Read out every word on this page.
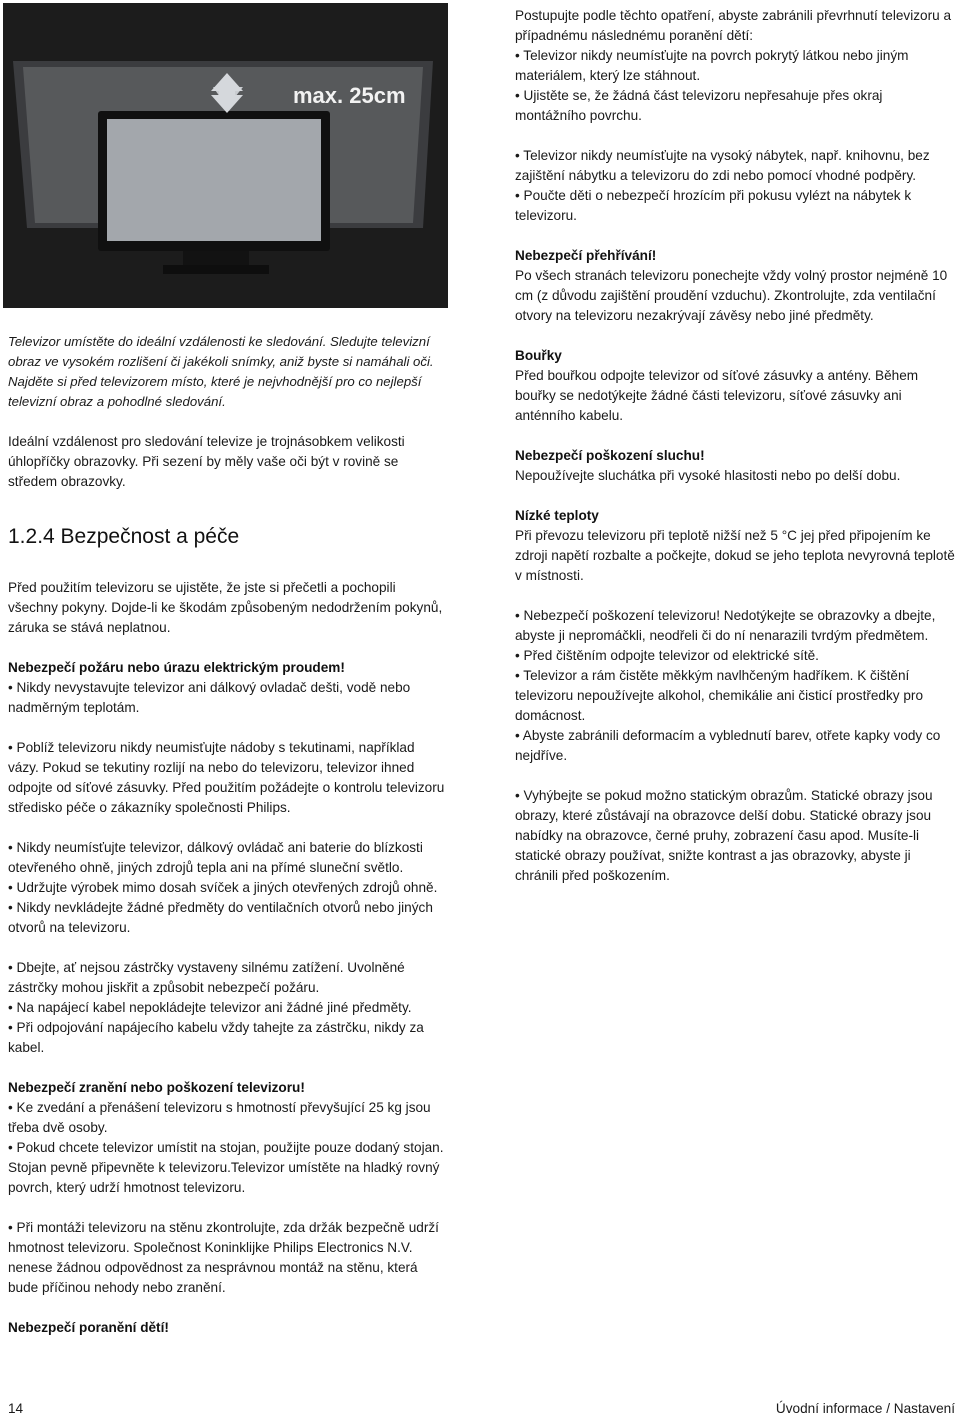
max. 25cm

Televizor umístěte do ideální vzdálenosti ke sledování. Sledujte televizní obraz ve vysokém rozlišení či jakékoli snímky, aniž byste si namáhali oči. Najděte si před televizorem místo, které je nejvhodnější pro co nejlepší televizní obraz a pohodlné sledování.

Ideální vzdálenost pro sledování televize je trojnásobkem velikosti úhlopříčky obrazovky. Při sezení by měly vaše oči být v rovině se středem obrazovky.

1.2.4 Bezpečnost a péče

Před použitím televizoru se ujistěte, že jste si přečetli a pochopili všechny pokyny. Dojde-li ke škodám způsobeným nedodržením pokynů, záruka se stává neplatnou.

Nebezpečí požáru nebo úrazu elektrickým proudem!

• Nikdy nevystavujte televizor ani dálkový ovladač dešti, vodě nebo nadměrným teplotám.

• Poblíž televizoru nikdy neumisťujte nádoby s tekutinami, například vázy. Pokud se tekutiny rozlijí na nebo do televizoru, televizor ihned odpojte od síťové zásuvky. Před použitím požádejte o kontrolu televizoru středisko péče o zákazníky společnosti Philips.

• Nikdy neumísťujte televizor, dálkový ovládač ani baterie do blízkosti otevřeného ohně, jiných zdrojů tepla ani na přímé sluneční světlo.

• Udržujte výrobek mimo dosah svíček a jiných otevřených zdrojů ohně.

• Nikdy nevkládejte žádné předměty do ventilačních otvorů nebo jiných otvorů na televizoru.

• Dbejte, ať nejsou zástrčky vystaveny silnému zatížení. Uvolněné zástrčky mohou jiskřit a způsobit nebezpečí požáru.

• Na napájecí kabel nepokládejte televizor ani žádné jiné předměty.

• Při odpojování napájecího kabelu vždy tahejte za zástrčku, nikdy za kabel.

Nebezpečí zranění nebo poškození televizoru!

• Ke zvedání a přenášení televizoru s hmotností převyšující 25 kg jsou třeba dvě osoby.

• Pokud chcete televizor umístit na stojan, použijte pouze dodaný stojan. Stojan pevně připevněte k televizoru.Televizor umístěte na hladký rovný povrch, který udrží hmotnost televizoru.

• Při montáži televizoru na stěnu zkontrolujte, zda držák bezpečně udrží hmotnost televizoru. Společnost Koninklijke Philips Electronics N.V. nenese žádnou odpovědnost za nesprávnou montáž na stěnu, která bude příčinou nehody nebo zranění.

Nebezpečí poranění dětí!

Postupujte podle těchto opatření, abyste zabránili převrhnutí televizoru a případnému následnému poranění dětí:

• Televizor nikdy neumísťujte na povrch pokrytý látkou nebo jiným materiálem, který lze stáhnout.

• Ujistěte se, že žádná část televizoru nepřesahuje přes okraj montážního povrchu.

• Televizor nikdy neumísťujte na vysoký nábytek, např. knihovnu, bez zajištění nábytku a televizoru do zdi nebo pomocí vhodné podpěry.

• Poučte děti o nebezpečí hrozícím při pokusu vylézt na nábytek k televizoru.

Nebezpečí přehřívání!

Po všech stranách televizoru ponechejte vždy volný prostor nejméně 10 cm (z důvodu zajištění proudění vzduchu). Zkontrolujte, zda ventilační otvory na televizoru nezakrývají závěsy nebo jiné předměty.

Bouřky

Před bouřkou odpojte televizor od síťové zásuvky a antény. Během bouřky se nedotýkejte žádné části televizoru, síťové zásuvky ani anténního kabelu.

Nebezpečí poškození sluchu!

Nepoužívejte sluchátka při vysoké hlasitosti nebo po delší dobu.

Nízké teploty

Při převozu televizoru při teplotě nižší než 5 °C jej před připojením ke zdroji napětí rozbalte a počkejte, dokud se jeho teplota nevyrovná teplotě v místnosti.

• Nebezpečí poškození televizoru! Nedotýkejte se obrazovky a dbejte, abyste ji nepromáčkli, neodřeli či do ní nenarazili tvrdým předmětem.

• Před čištěním odpojte televizor od elektrické sítě.

• Televizor a rám čistěte měkkým navlhčeným hadříkem. K čištění televizoru nepoužívejte alkohol, chemikálie ani čisticí prostředky pro domácnost.

• Abyste zabránili deformacím a vyblednutí barev, otřete kapky vody co nejdříve.

• Vyhýbejte se pokud možno statickým obrazům. Statické obrazy jsou obrazy, které zůstávají na obrazovce delší dobu. Statické obrazy jsou nabídky na obrazovce, černé pruhy, zobrazení času apod. Musíte-li statické obrazy používat, snižte kontrast a jas obrazovky, abyste ji chránili před poškozením.

14	Úvodní informace / Nastavení
